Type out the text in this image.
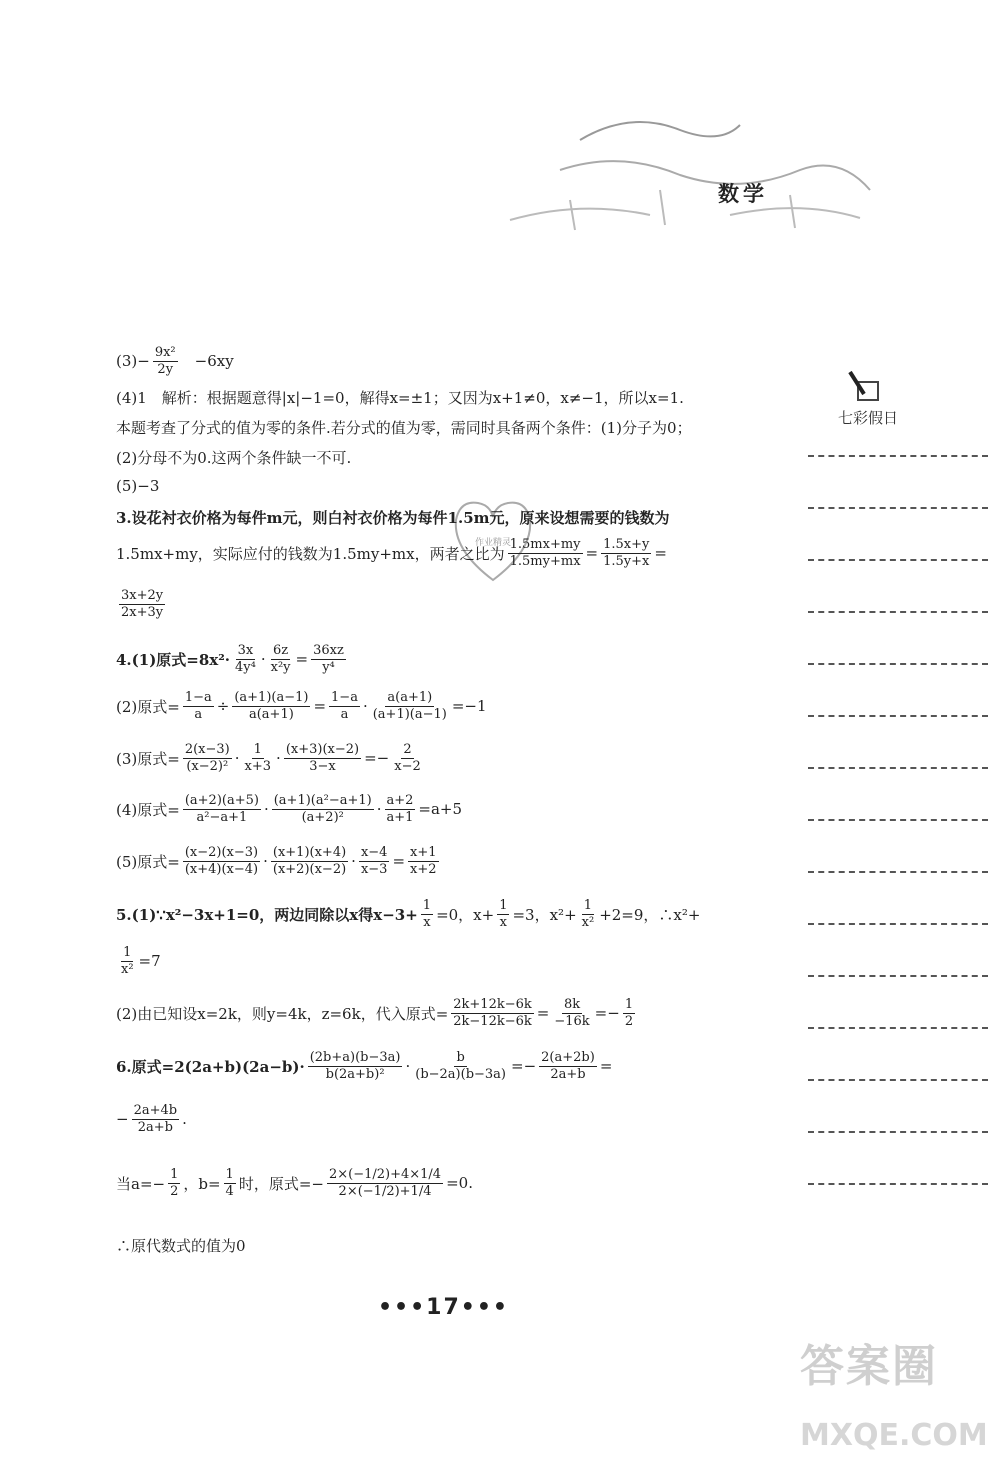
数学
七彩假日
作业精灵
$(3)- \frac{\text{9x²}}{2y} -6xy$
(4)1　解析：根据题意得|x|−1=0，解得x=±1；又因为x+1≠0，x≠−1，所以x=1.
本题考查了分式的值为零的条件.若分式的值为零，需同时具备两个条件：(1)分子为0；
(2)分母不为0.这两个条件缺一不可.
(5)−3
3.设花衬衣价格为每件m元，则白衬衣价格为每件1.5m元，原来设想需要的钱数为
1.5mx+my，实际应付的钱数为1.5my+mx，两者之比为 $\frac{1.5mx+my}{1.5my+mx} = \frac{1.5x+y}{1.5y+x}$ =
$\frac{3x+2y}{2x+3y}$
4.(1)原式$=8x^2\cdot \frac{3x}{\text{4y⁴}} \cdot \frac{6z}{\text{x²y}} = \frac{36xz}{\text{y⁴}}$
(2)原式= $\frac{1-a}{a} \div \frac{(a+1)(a-1)}{a(a+1)} = \frac{1-a}{a} \cdot \frac{a(a+1)}{(a+1)(a-1)} =-1$
(3)原式= $\frac{2(x-3)}{\text{(x−2)²}} \cdot \frac{1}{x+3} \cdot \frac{(x+3)(x-2)}{3-x} =- \frac{2}{x-2}$
(4)原式= $\frac{(a+2)(a+5)}{\text{a²−a+1}} \cdot \frac{\text{(a+1)(a²−a+1)}}{\text{(a+2)²}} \cdot \frac{a+2}{a+1} =a+5$
(5)原式= $\frac{(x-2)(x-3)}{(x+4)(x-4)} \cdot \frac{(x+1)(x+4)}{(x+2)(x-2)} \cdot \frac{x-4}{x-3} = \frac{x+1}{x+2}$
5.(1)∵x²−3x+1=0，两边同除以x得$x-3+ \frac{1}{x} =0$，$x+ \frac{1}{x} =3$，$x^2+ \frac{1}{\text{x²}} +2=9$，∴x²+
$\frac{1}{\text{x²}} =7$
(2)由已知设x=2k，则y=4k，z=6k，代入原式= $\frac{2k+12k-6k}{2k-12k-6k} = \frac{8k}{-16k} =- \frac{1}{2}$
6.原式$=2(2a+b)(2a-b)\cdot \frac{(2b+a)(b-3a)}{\text{b(2a+b)²}} \cdot \frac{b}{(b-2a)(b-3a)} =- \frac{2(a+2b)}{2a+b}$ =
− $\frac{2a+4b}{2a+b}$ .
当$a=- \frac{1}{2}$ ，$b= \frac{1}{4}$ 时，原式=− $\frac{2\times(-1/2)+4\times 1/4}{2\times(-1/2)+1/4} =0$.
∴原代数式的值为0
•••17•••
答案圈
MXQE.COM
